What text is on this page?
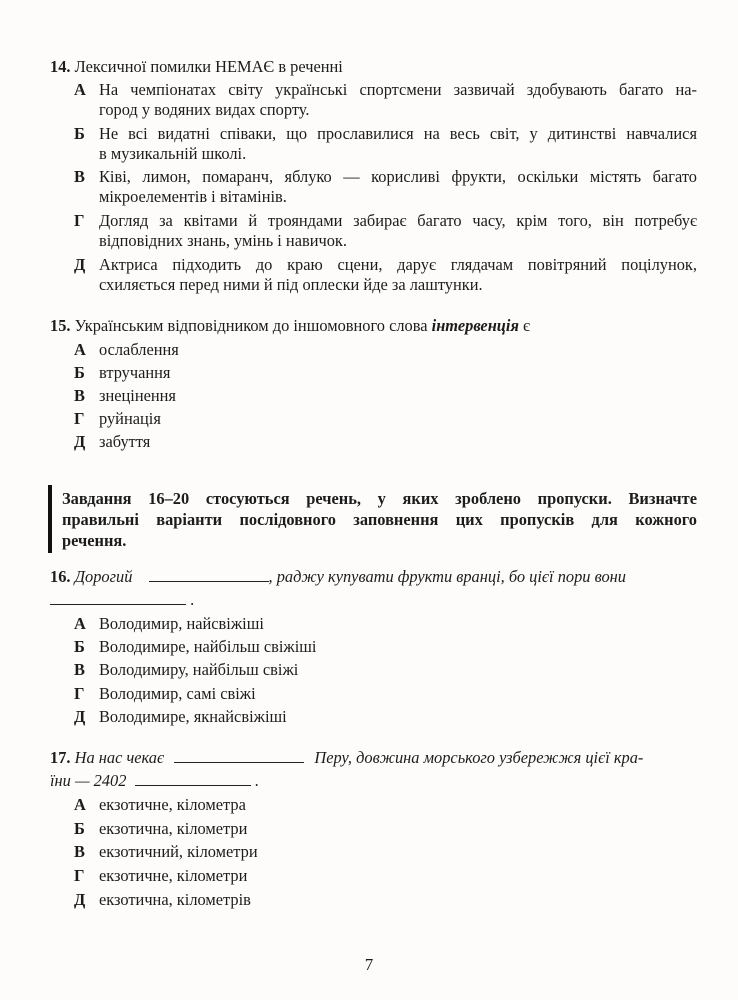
14. Лексичної помилки НЕМАЄ в реченні
А На чемпіонатах світу українські спортсмени зазвичай здобувають багато на-
город у водяних видах спорту.
Б Не всі видатні співаки, що прославилися на весь світ, у дитинстві навчалися
в музикальній школі.
В Ківі, лимон, помаранч, яблуко — корисливі фрукти, оскільки містять багато
мікроелементів і вітамінів.
Г Догляд за квітами й трояндами забирає багато часу, крім того, він потребує
відповідних знань, умінь і навичок.
Д Актриса підходить до краю сцени, дарує глядачам повітряний поцілунок,
схиляється перед ними й під оплески йде за лаштунки.
15. Українським відповідником до іншомовного слова інтервенція є
А ослаблення
Б втручання
В знецінення
Г руйнація
Д забуття
Завдання 16–20 стосуються речень, у яких зроблено пропуски. Визначте
правильні варіанти послідовного заповнення цих пропусків для кожного
речення.
16. Дорогий	, раджу купувати фрукти вранці, бо цієї пори вони
.
А Володимир, найсвіжіші
Б Володимире, найбільш свіжіші
В Володимиру, найбільш свіжі
Г Володимир, самі свіжі
Д Володимире, якнайсвіжіші
17. На нас чекає	Перу, довжина морського узбережжя цієї кра-
їни — 2402	.
А екзотичне, кілометра
Б екзотична, кілометри
В екзотичний, кілометри
Г екзотичне, кілометри
Д екзотична, кілометрів
7
